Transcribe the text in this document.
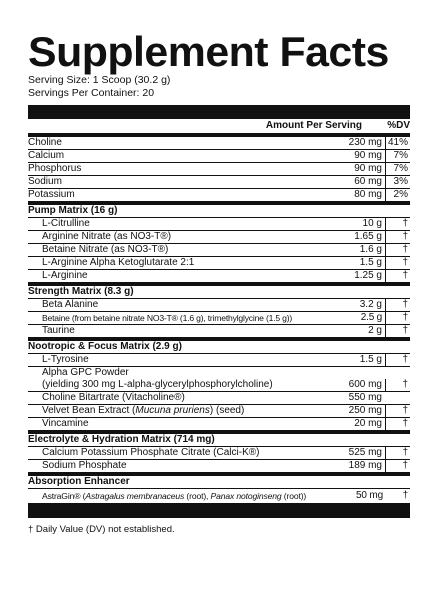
Supplement Facts
Serving Size: 1 Scoop (30.2 g)
Servings Per Container: 20
Amount Per Serving	%DV
Choline	230 mg 41%
Calcium	90 mg	7%
Phosphorus	90 mg	7%
Sodium	60 mg	3%
Potassium	80 mg	2%
Pump Matrix (16 g)
L-Citrulline	10 g	†
Arginine Nitrate (as NO3-T®)	1.65 g	†
Betaine Nitrate (as NO3-T®)	1.6 g	†
L-Arginine Alpha Ketoglutarate 2:1	1.5 g	†
L-Arginine	1.25 g	†
Strength Matrix (8.3 g)
Beta Alanine	3.2 g	†
Betaine (from betaine nitrate NO3-T® (1.6 g), trimethylglycine (1.5 g))	2.5 g	†
Taurine	2 g	†
Nootropic & Focus Matrix (2.9 g)
L-Tyrosine	1.5 g	†
Alpha GPC Powder
(yielding 300 mg L-alpha-glycerylphosphorylcholine)	600 mg	†
Choline Bitartrate (Vitacholine®)	550 mg
Velvet Bean Extract (Mucuna pruriens) (seed)	250 mg	†
Vincamine	20 mg	†
Electrolyte & Hydration Matrix (714 mg)
Calcium Potassium Phosphate Citrate (Calci-K®)	525 mg	†
Sodium Phosphate	189 mg	†
Absorption Enhancer
AstraGin® (Astragalus membranaceus (root), Panax notoginseng (root))	50 mg	†
† Daily Value (DV) not established.
